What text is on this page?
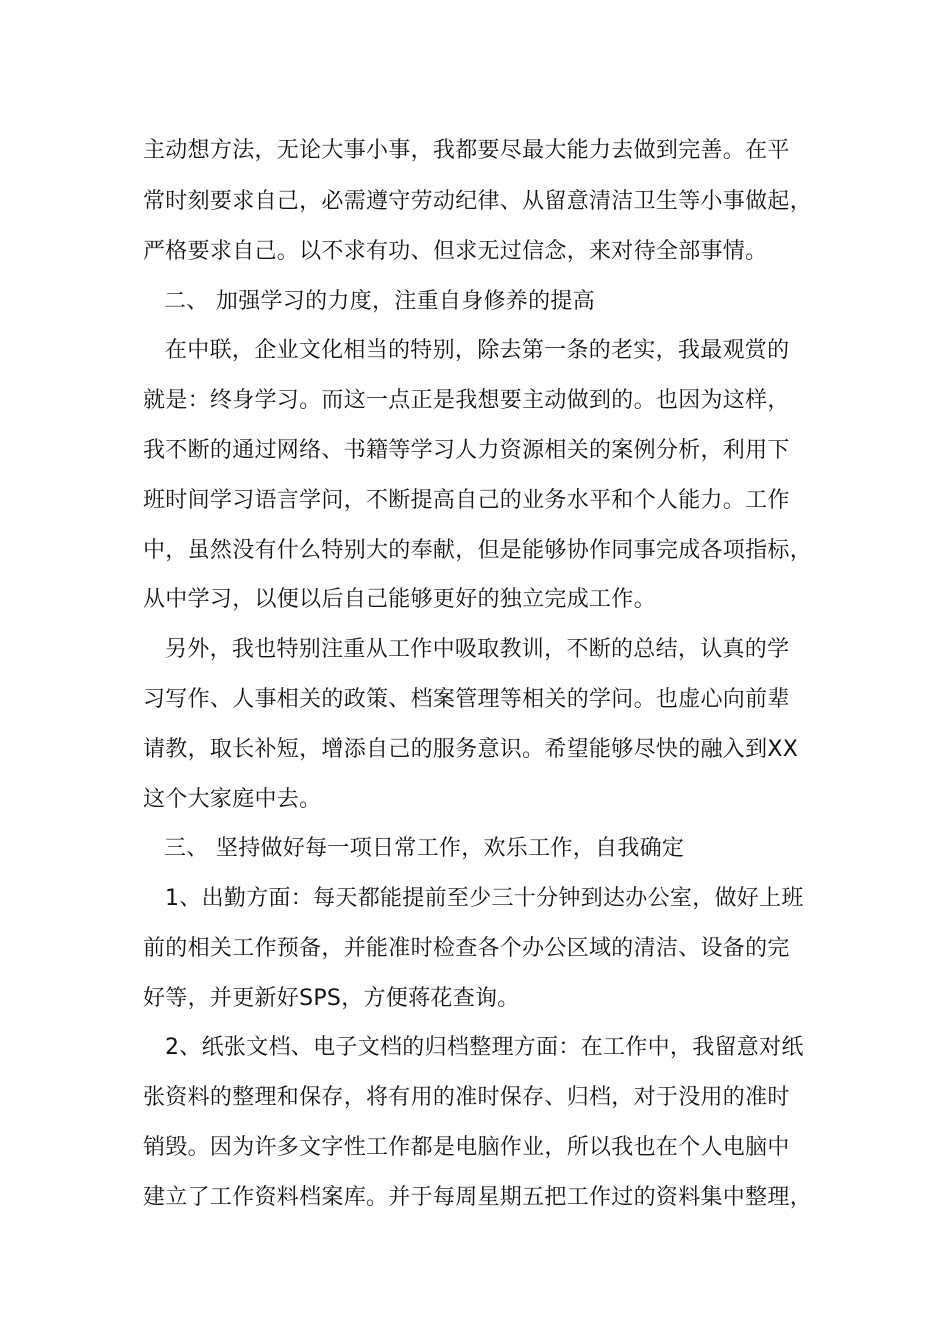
主动想方法，无论大事小事，我都要尽最大能力去做到完善。在平
常时刻要求自己，必需遵守劳动纪律、从留意清洁卫生等小事做起，
严格要求自己。以不求有功、但求无过信念，来对待全部事情。
二、 加强学习的力度，注重自身修养的提高
在中联，企业文化相当的特别，除去第一条的老实，我最观赏的
就是：终身学习。而这一点正是我想要主动做到的。也因为这样，
我不断的通过网络、书籍等学习人力资源相关的案例分析，利用下
班时间学习语言学问，不断提高自己的业务水平和个人能力。工作
中，虽然没有什么特别大的奉献，但是能够协作同事完成各项指标，
从中学习，以便以后自己能够更好的独立完成工作。
另外，我也特别注重从工作中吸取教训，不断的总结，认真的学
习写作、人事相关的政策、档案管理等相关的学问。也虚心向前辈
请教，取长补短，增添自己的服务意识。希望能够尽快的融入到XX
这个大家庭中去。
三、 坚持做好每一项日常工作，欢乐工作，自我确定
1、出勤方面：每天都能提前至少三十分钟到达办公室，做好上班
前的相关工作预备，并能准时检查各个办公区域的清洁、设备的完
好等，并更新好SPS，方便蒋花查询。
2、纸张文档、电子文档的归档整理方面：在工作中，我留意对纸
张资料的整理和保存，将有用的准时保存、归档，对于没用的准时
销毁。因为许多文字性工作都是电脑作业，所以我也在个人电脑中
建立了工作资料档案库。并于每周星期五把工作过的资料集中整理，
